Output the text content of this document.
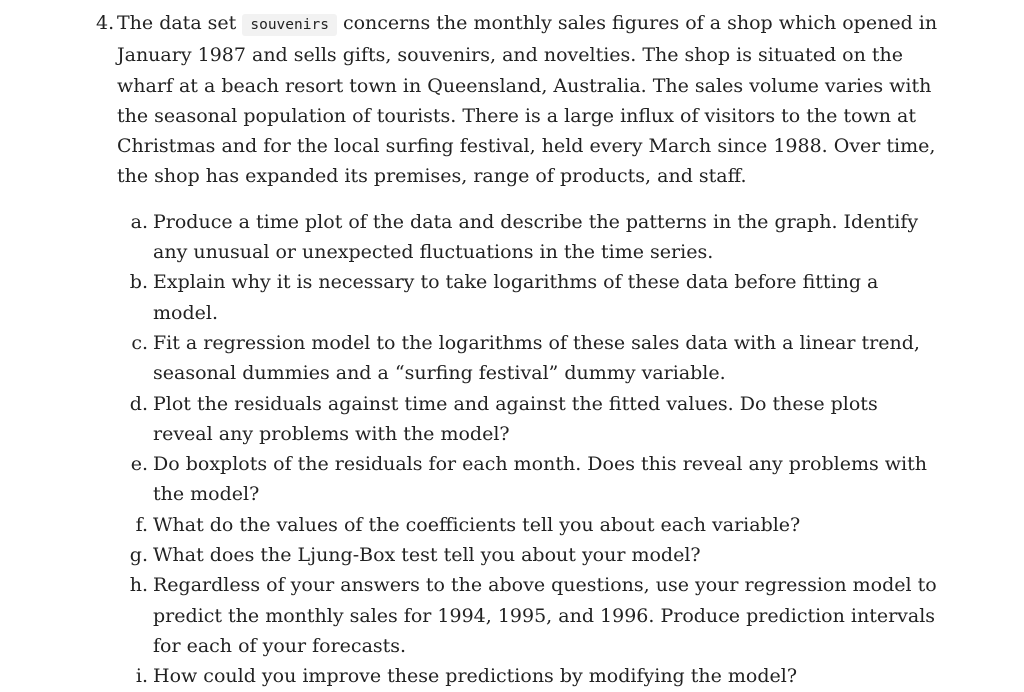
4. The data set souvenirs concerns the monthly sales figures of a shop which opened in January 1987 and sells gifts, souvenirs, and novelties. The shop is situated on the wharf at a beach resort town in Queensland, Australia. The sales volume varies with the seasonal population of tourists. There is a large influx of visitors to the town at Christmas and for the local surfing festival, held every March since 1988. Over time, the shop has expanded its premises, range of products, and staff.
a. Produce a time plot of the data and describe the patterns in the graph. Identify any unusual or unexpected fluctuations in the time series.
b. Explain why it is necessary to take logarithms of these data before fitting a model.
c. Fit a regression model to the logarithms of these sales data with a linear trend, seasonal dummies and a “surfing festival” dummy variable.
d. Plot the residuals against time and against the fitted values. Do these plots reveal any problems with the model?
e. Do boxplots of the residuals for each month. Does this reveal any problems with the model?
f. What do the values of the coefficients tell you about each variable?
g. What does the Ljung-Box test tell you about your model?
h. Regardless of your answers to the above questions, use your regression model to predict the monthly sales for 1994, 1995, and 1996. Produce prediction intervals for each of your forecasts.
i. How could you improve these predictions by modifying the model?
